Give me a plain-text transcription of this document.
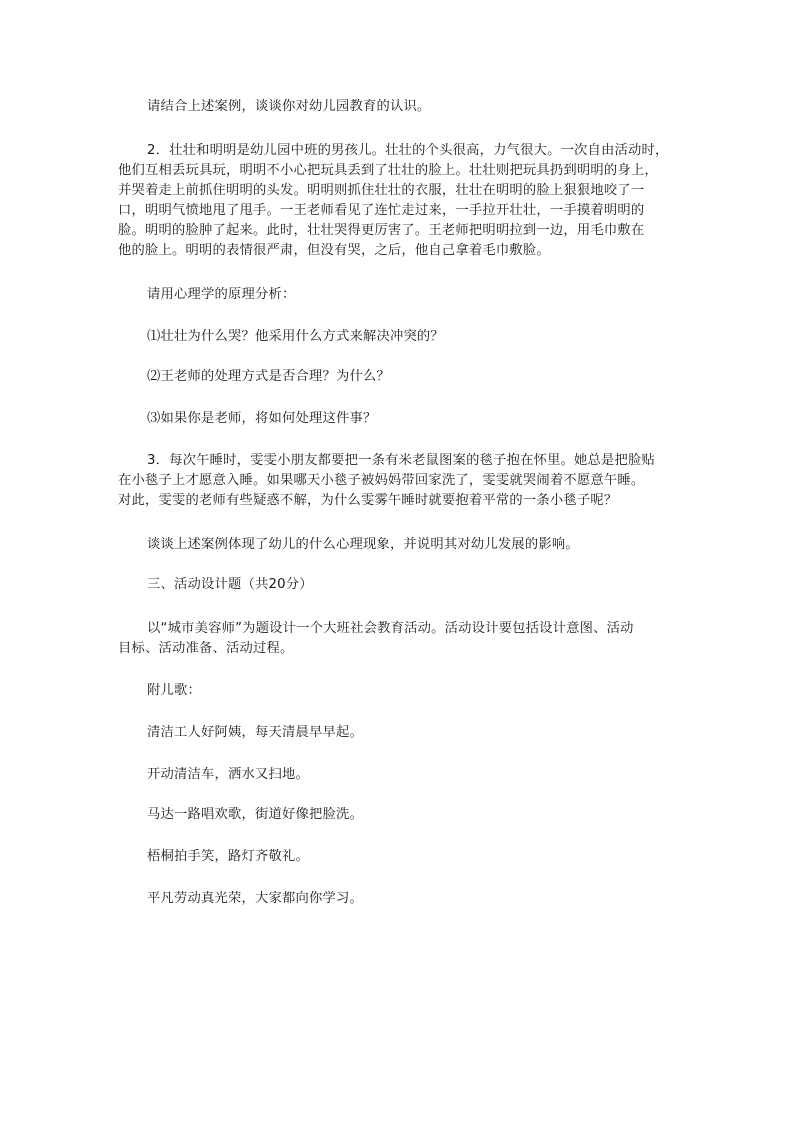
请结合上述案例，谈谈你对幼儿园教育的认识。
2．壮壮和明明是幼儿园中班的男孩儿。壮壮的个头很高，力气很大。一次自由活动时，
他们互相丢玩具玩，明明不小心把玩具丢到了壮壮的脸上。壮壮则把玩具扔到明明的身上，
并哭着走上前抓住明明的头发。明明则抓住壮壮的衣服，壮壮在明明的脸上狠狠地咬了一
口，明明气愤地甩了甩手。一王老师看见了连忙走过来，一手拉开壮壮，一手摸着明明的
脸。明明的脸肿了起来。此时，壮壮哭得更厉害了。王老师把明明拉到一边，用毛巾敷在
他的脸上。明明的表情很严肃，但没有哭，之后，他自己拿着毛巾敷脸。
请用心理学的原理分析：
⑴壮壮为什么哭？他采用什么方式来解决冲突的？
⑵王老师的处理方式是否合理？为什么？
⑶如果你是老师，将如何处理这件事？
3．每次午睡时，雯雯小朋友都要把一条有米老鼠图案的毯子抱在怀里。她总是把脸贴
在小毯子上才愿意入睡。如果哪天小毯子被妈妈带回家洗了，雯雯就哭闹着不愿意午睡。
对此，雯雯的老师有些疑惑不解，为什么雯雾午睡时就要抱着平常的一条小毯子呢？
谈谈上述案例体现了幼儿的什么心理现象，并说明其对幼儿发展的影响。
三、活动设计题（共20分）
以“城市美容师”为题设计一个大班社会教育活动。活动设计要包括设计意图、活动
目标、活动准备、活动过程。
附儿歌：
清洁工人好阿姨，每天清晨早早起。
开动清洁车，洒水又扫地。
马达一路唱欢歌，街道好像把脸洗。
梧桐拍手笑，路灯齐敬礼。
平凡劳动真光荣，大家都向你学习。
